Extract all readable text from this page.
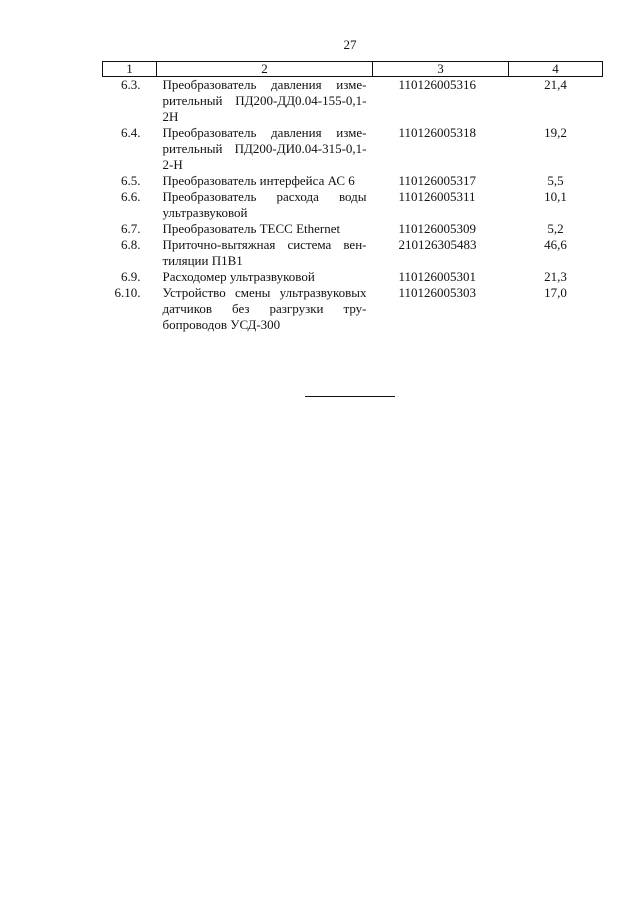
27
1	2	3	4
6.3.	Преобразователь давления измерительный ПД200-ДД0.04-155-0,1-2Н	110126005316	21,4
6.4.	Преобразователь давления измерительный ПД200-ДИ0.04-315-0,1-2-Н	110126005318	19,2
6.5.	Преобразователь интерфейса АС 6	110126005317	5,5
6.6.	Преобразователь расхода воды ультразвуковой	110126005311	10,1
6.7.	Преобразователь ТЕСС Ethernet	110126005309	5,2
6.8.	Приточно-вытяжная система вентиляции П1В1	210126305483	46,6
6.9.	Расходомер ультразвуковой	110126005301	21,3
6.10.	Устройство смены ультразвуковых датчиков без разгрузки трубопроводов УСД-300	110126005303	17,0
